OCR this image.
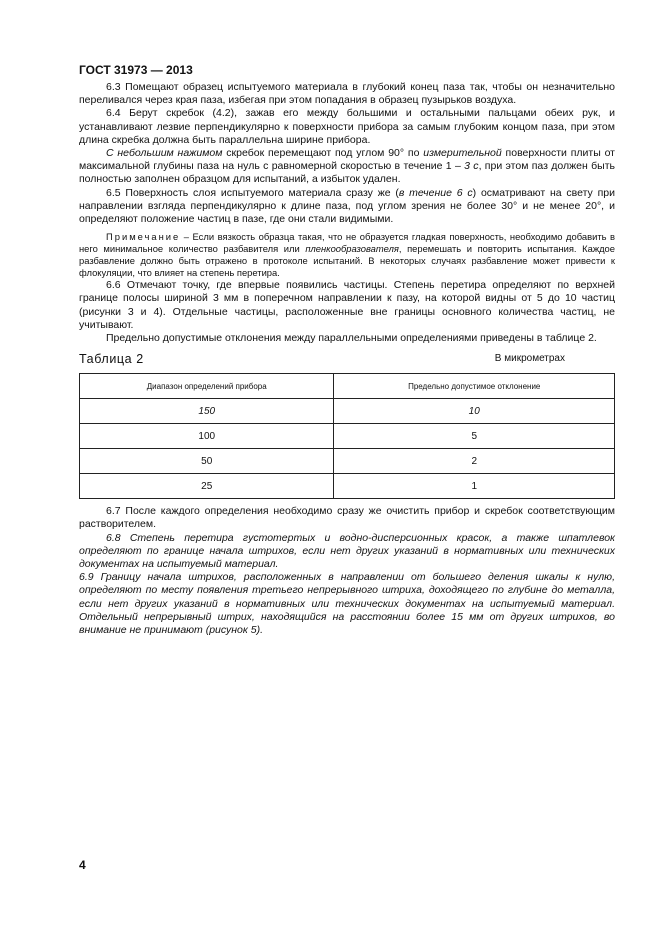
ГОСТ 31973 — 2013

6.3 Помещают образец испытуемого материала в глубокий конец паза так, чтобы он незначительно переливался через края паза, избегая при этом попадания в образец пузырьков воздуха.

6.4 Берут скребок (4.2), зажав его между большими и остальными пальцами обеих рук, и устанавливают лезвие перпендикулярно к поверхности прибора за самым глубоким концом паза, при этом длина скребка должна быть параллельна ширине прибора.

С небольшим нажимом скребок перемещают под углом 90° по измерительной поверхности плиты от максимальной глубины паза на нуль с равномерной скоростью в течение 1 – 3 с, при этом паз должен быть полностью заполнен образцом для испытаний, а избыток удален.

6.5 Поверхность слоя испытуемого материала сразу же (в течение 6 с) осматривают на свету при направлении взгляда перпендикулярно к длине паза, под углом зрения не более 30° и не менее 20°, и определяют положение частиц в пазе, где они стали видимыми.

Примечание – Если вязкость образца такая, что не образуется гладкая поверхность, необходимо добавить в него минимальное количество разбавителя или пленкообразователя, перемешать и повторить испытания. Каждое разбавление должно быть отражено в протоколе испытаний. В некоторых случаях разбавление может привести к флокуляции, что влияет на степень перетира.

6.6 Отмечают точку, где впервые появились частицы. Степень перетира определяют по верхней границе полосы шириной 3 мм в поперечном направлении к пазу, на которой видны от 5 до 10 частиц (рисунки 3 и 4). Отдельные частицы, расположенные вне границы основного количества частиц, не учитывают.

Предельно допустимые отклонения между параллельными определениями приведены в таблице 2.

Таблица 2	В микрометрах
Диапазон определений прибора	Предельно допустимое отклонение
150	10
100	5
50	2
25	1

6.7 После каждого определения необходимо сразу же очистить прибор и скребок соответствующим растворителем.

6.8 Степень перетира густотертых и водно-дисперсионных красок, а также шпатлевок определяют по границе начала штрихов, если нет других указаний в нормативных или технических документах на испытуемый материал.

6.9 Границу начала штрихов, расположенных в направлении от большего деления шкалы к нулю, определяют по месту появления третьего непрерывного штриха, доходящего по глубине до металла, если нет других указаний в нормативных или технических документах на испытуемый материал. Отдельный непрерывный штрих, находящийся на расстоянии более 15 мм от других штрихов, во внимание не принимают (рисунок 5).

4
